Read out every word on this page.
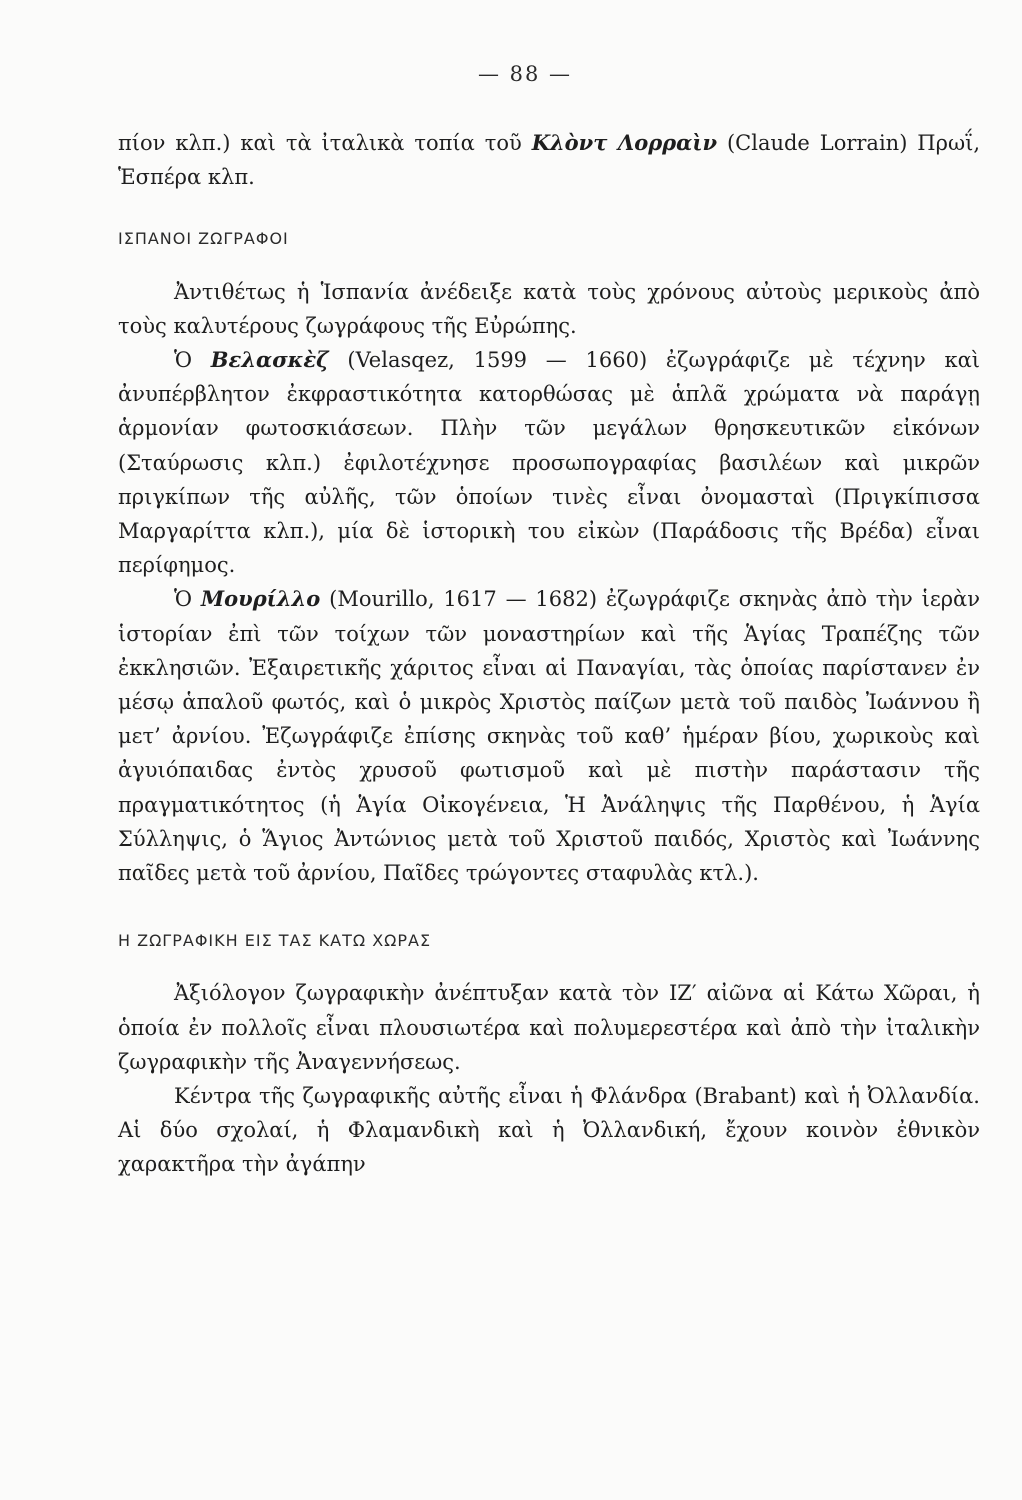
— 88 —

πίον κλπ.) καὶ τὰ ἰταλικὰ τοπία τοῦ Κλὸντ Λορραὶν (Claude Lorrain) Πρωΐ, Ἑσπέρα κλπ.

ΙΣΠΑΝΟΙ ΖΩΓΡΑΦΟΙ

Ἀντιθέτως ἡ Ἱσπανία ἀνέδειξε κατὰ τοὺς χρόνους αὐτοὺς μερικοὺς ἀπὸ τοὺς καλυτέρους ζωγράφους τῆς Εὐρώπης.

Ὁ Βελασκὲζ (Velasqez, 1599 — 1660) ἐζωγράφιζε μὲ τέχνην καὶ ἀνυπέρβλητον ἐκφραστικότητα κατορθώσας μὲ ἁπλᾶ χρώματα νὰ παράγῃ ἁρμονίαν φωτοσκιάσεων. Πλὴν τῶν μεγάλων θρησκευτικῶν εἰκόνων (Σταύρωσις κλπ.) ἐφιλοτέχνησε προσωπογραφίας βασιλέων καὶ μικρῶν πριγκίπων τῆς αὐλῆς, τῶν ὁποίων τινὲς εἶναι ὀνομασταὶ (Πριγκίπισσα Μαργαρίττα κλπ.), μία δὲ ἱστορικὴ του εἰκὼν (Παράδοσις τῆς Βρέδα) εἶναι περίφημος.

Ὁ Μουρίλλο (Mourillo, 1617 — 1682) ἐζωγράφιζε σκηνὰς ἀπὸ τὴν ἱερὰν ἱστορίαν ἐπὶ τῶν τοίχων τῶν μοναστηρίων καὶ τῆς Ἁγίας Τραπέζης τῶν ἐκκλησιῶν. Ἐξαιρετικῆς χάριτος εἶναι αἱ Παναγίαι, τὰς ὁποίας παρίστανεν ἐν μέσῳ ἁπαλοῦ φωτός, καὶ ὁ μικρὸς Χριστὸς παίζων μετὰ τοῦ παιδὸς Ἰωάννου ἢ μετ’ ἀρνίου. Ἐζωγράφιζε ἐπίσης σκηνὰς τοῦ καθ’ ἡμέραν βίου, χωρικοὺς καὶ ἀγυιόπαιδας ἐντὸς χρυσοῦ φωτισμοῦ καὶ μὲ πιστὴν παράστασιν τῆς πραγματικότητος (ἡ Ἁγία Οἰκογένεια, Ἡ Ἀνάληψις τῆς Παρθένου, ἡ Ἁγία Σύλληψις, ὁ Ἅγιος Ἀντώνιος μετὰ τοῦ Χριστοῦ παιδός, Χριστὸς καὶ Ἰωάννης παῖδες μετὰ τοῦ ἀρνίου, Παῖδες τρώγοντες σταφυλὰς κτλ.).

Η ΖΩΓΡΑΦΙΚΗ ΕΙΣ ΤΑΣ ΚΑΤΩ ΧΩΡΑΣ

Ἀξιόλογον ζωγραφικὴν ἀνέπτυξαν κατὰ τὸν ΙΖ′ αἰῶνα αἱ Κάτω Χῶραι, ἡ ὁποία ἐν πολλοῖς εἶναι πλουσιωτέρα καὶ πολυμερεστέρα καὶ ἀπὸ τὴν ἰταλικὴν ζωγραφικὴν τῆς Ἀναγεννήσεως.

Κέντρα τῆς ζωγραφικῆς αὐτῆς εἶναι ἡ Φλάνδρα (Brabant) καὶ ἡ Ὀλλανδία. Αἱ δύο σχολαί, ἡ Φλαμανδικὴ καὶ ἡ Ὀλλανδική, ἔχουν κοινὸν ἐθνικὸν χαρακτῆρα τὴν ἀγάπην
